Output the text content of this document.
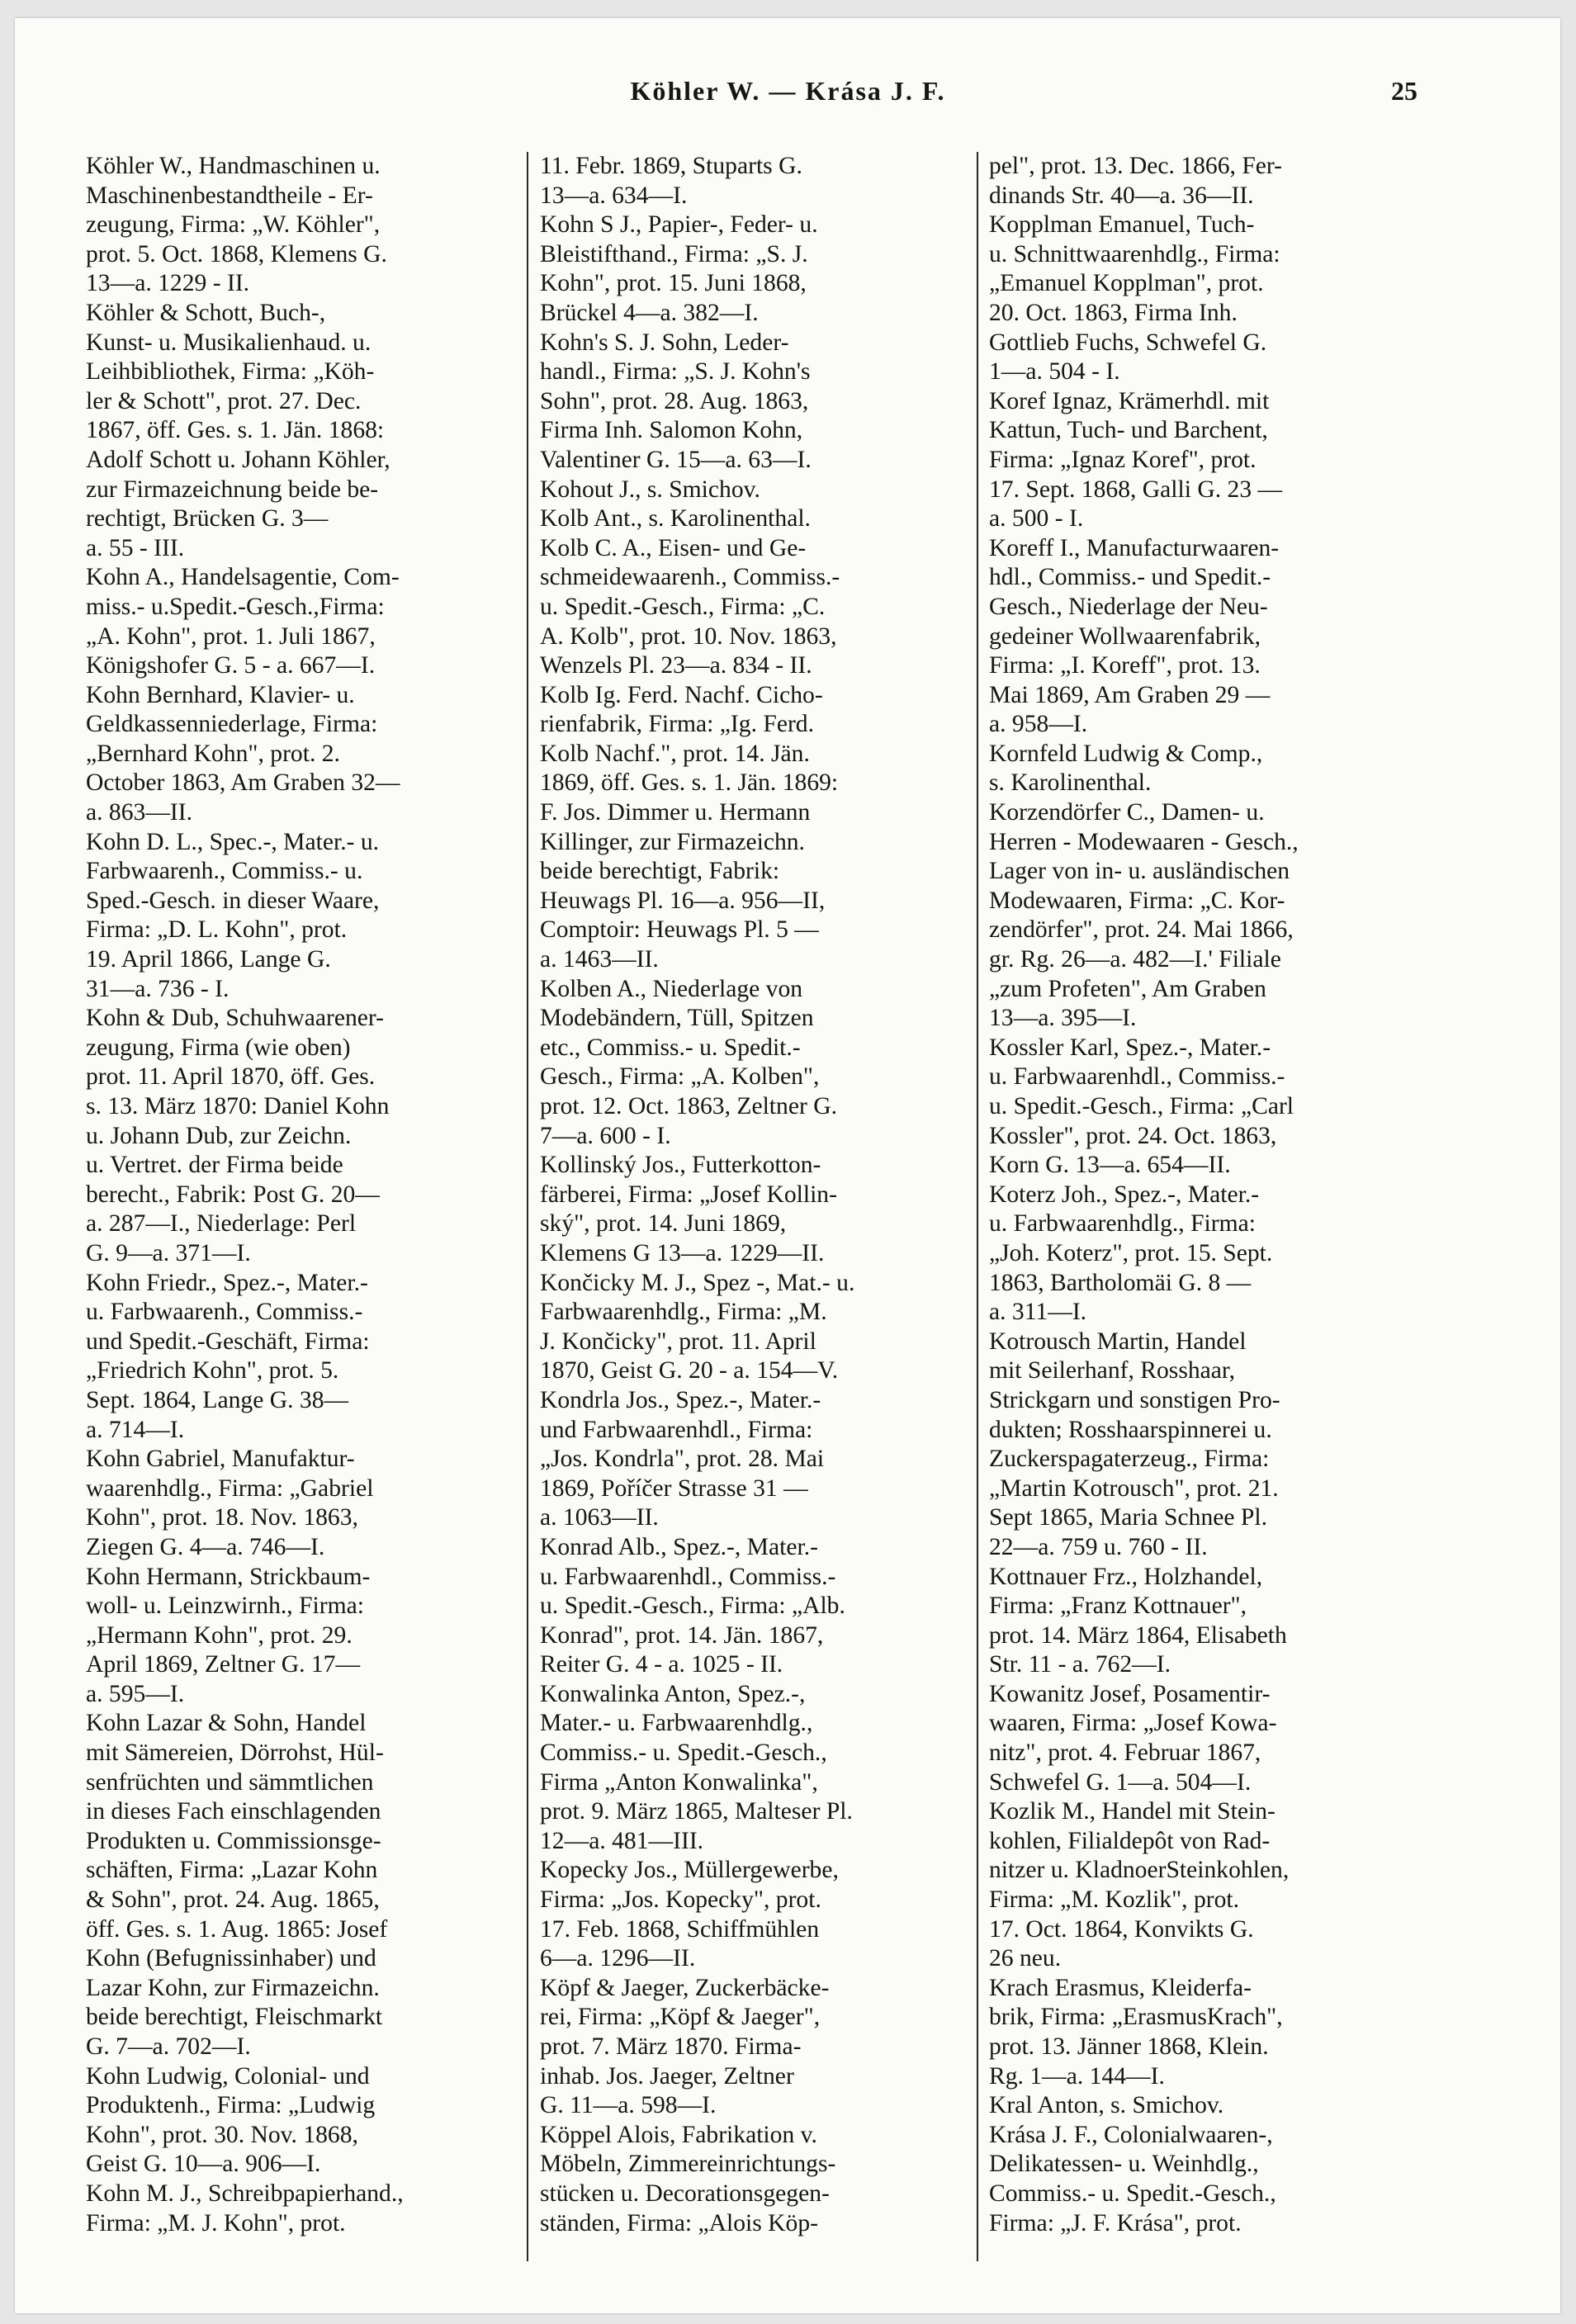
Köhler W. — Krása J. F.	25
Köhler W., Handmaschinen u.
Maschinenbestandtheile - Er-
zeugung, Firma: „W. Köhler",
prot. 5. Oct. 1868, Klemens G.
13—a. 1229 - II.
Köhler & Schott, Buch-,
Kunst- u. Musikalienhaud. u.
Leihbibliothek, Firma: „Köh-
ler & Schott", prot. 27. Dec.
1867, öff. Ges. s. 1. Jän. 1868:
Adolf Schott u. Johann Köhler,
zur Firmazeichnung beide be-
rechtigt, Brücken G. 3—
a. 55 - III.
Kohn A., Handelsagentie, Com-
miss.- u.Spedit.-Gesch.,Firma:
„A. Kohn", prot. 1. Juli 1867,
Königshofer G. 5 - a. 667—I.
Kohn Bernhard, Klavier- u.
Geldkassenniederlage, Firma:
„Bernhard Kohn", prot. 2.
October 1863, Am Graben 32—
a. 863—II.
Kohn D. L., Spec.-, Mater.- u.
Farbwaarenh., Commiss.- u.
Sped.-Gesch. in dieser Waare,
Firma: „D. L. Kohn", prot.
19. April 1866, Lange G.
31—a. 736 - I.
Kohn & Dub, Schuhwaarener-
zeugung, Firma (wie oben)
prot. 11. April 1870, öff. Ges.
s. 13. März 1870: Daniel Kohn
u. Johann Dub, zur Zeichn.
u. Vertret. der Firma beide
berecht., Fabrik: Post G. 20—
a. 287—I., Niederlage: Perl
G. 9—a. 371—I.
Kohn Friedr., Spez.-, Mater.-
u. Farbwaarenh., Commiss.-
und Spedit.-Geschäft, Firma:
„Friedrich Kohn", prot. 5.
Sept. 1864, Lange G. 38—
a. 714—I.
Kohn Gabriel, Manufaktur-
waarenhdlg., Firma: „Gabriel
Kohn", prot. 18. Nov. 1863,
Ziegen G. 4—a. 746—I.
Kohn Hermann, Strickbaum-
woll- u. Leinzwirnh., Firma:
„Hermann Kohn", prot. 29.
April 1869, Zeltner G. 17—
a. 595—I.
Kohn Lazar & Sohn, Handel
mit Sämereien, Dörrohst, Hül-
senfrüchten und sämmtlichen
in dieses Fach einschlagenden
Produkten u. Commissionsge-
schäften, Firma: „Lazar Kohn
& Sohn", prot. 24. Aug. 1865,
öff. Ges. s. 1. Aug. 1865: Josef
Kohn (Befugnissinhaber) und
Lazar Kohn, zur Firmazeichn.
beide berechtigt, Fleischmarkt
G. 7—a. 702—I.
Kohn Ludwig, Colonial- und
Produktenh., Firma: „Ludwig
Kohn", prot. 30. Nov. 1868,
Geist G. 10—a. 906—I.
Kohn M. J., Schreibpapierhand.,
Firma: „M. J. Kohn", prot.
11. Febr. 1869, Stuparts G.
13—a. 634—I.
Kohn S J., Papier-, Feder- u.
Bleistifthand., Firma: „S. J.
Kohn", prot. 15. Juni 1868,
Brückel 4—a. 382—I.
Kohn's S. J. Sohn, Leder-
handl., Firma: „S. J. Kohn's
Sohn", prot. 28. Aug. 1863,
Firma Inh. Salomon Kohn,
Valentiner G. 15—a. 63—I.
Kohout J., s. Smichov.
Kolb Ant., s. Karolinenthal.
Kolb C. A., Eisen- und Ge-
schmeidewaarenh., Commiss.-
u. Spedit.-Gesch., Firma: „C.
A. Kolb", prot. 10. Nov. 1863,
Wenzels Pl. 23—a. 834 - II.
Kolb Ig. Ferd. Nachf. Cicho-
rienfabrik, Firma: „Ig. Ferd.
Kolb Nachf.", prot. 14. Jän.
1869, öff. Ges. s. 1. Jän. 1869:
F. Jos. Dimmer u. Hermann
Killinger, zur Firmazeichn.
beide berechtigt, Fabrik:
Heuwags Pl. 16—a. 956—II,
Comptoir: Heuwags Pl. 5 —
a. 1463—II.
Kolben A., Niederlage von
Modebändern, Tüll, Spitzen
etc., Commiss.- u. Spedit.-
Gesch., Firma: „A. Kolben",
prot. 12. Oct. 1863, Zeltner G.
7—a. 600 - I.
Kollinský Jos., Futterkotton-
färberei, Firma: „Josef Kollin-
ský", prot. 14. Juni 1869,
Klemens G 13—a. 1229—II.
Končicky M. J., Spez -, Mat.- u.
Farbwaarenhdlg., Firma: „M.
J. Končicky", prot. 11. April
1870, Geist G. 20 - a. 154—V.
Kondrla Jos., Spez.-, Mater.-
und Farbwaarenhdl., Firma:
„Jos. Kondrla", prot. 28. Mai
1869, Poříčer Strasse 31 —
a. 1063—II.
Konrad Alb., Spez.-, Mater.-
u. Farbwaarenhdl., Commiss.-
u. Spedit.-Gesch., Firma: „Alb.
Konrad", prot. 14. Jän. 1867,
Reiter G. 4 - a. 1025 - II.
Konwalinka Anton, Spez.-,
Mater.- u. Farbwaarenhdlg.,
Commiss.- u. Spedit.-Gesch.,
Firma „Anton Konwalinka",
prot. 9. März 1865, Malteser Pl.
12—a. 481—III.
Kopecky Jos., Müllergewerbe,
Firma: „Jos. Kopecky", prot.
17. Feb. 1868, Schiffmühlen
6—a. 1296—II.
Köpf & Jaeger, Zuckerbäcke-
rei, Firma: „Köpf & Jaeger",
prot. 7. März 1870. Firma-
inhab. Jos. Jaeger, Zeltner
G. 11—a. 598—I.
Köppel Alois, Fabrikation v.
Möbeln, Zimmereinrichtungs-
stücken u. Decorationsgegen-
ständen, Firma: „Alois Köp-
pel", prot. 13. Dec. 1866, Fer-
dinands Str. 40—a. 36—II.
Kopplman Emanuel, Tuch-
u. Schnittwaarenhdlg., Firma:
„Emanuel Kopplman", prot.
20. Oct. 1863, Firma Inh.
Gottlieb Fuchs, Schwefel G.
1—a. 504 - I.
Koref Ignaz, Krämerhdl. mit
Kattun, Tuch- und Barchent,
Firma: „Ignaz Koref", prot.
17. Sept. 1868, Galli G. 23 —
a. 500 - I.
Koreff I., Manufacturwaaren-
hdl., Commiss.- und Spedit.-
Gesch., Niederlage der Neu-
gedeiner Wollwaarenfabrik,
Firma: „I. Koreff", prot. 13.
Mai 1869, Am Graben 29 —
a. 958—I.
Kornfeld Ludwig & Comp.,
s. Karolinenthal.
Korzendörfer C., Damen- u.
Herren - Modewaaren - Gesch.,
Lager von in- u. ausländischen
Modewaaren, Firma: „C. Kor-
zendörfer", prot. 24. Mai 1866,
gr. Rg. 26—a. 482—I.' Filiale
„zum Profeten", Am Graben
13—a. 395—I.
Kossler Karl, Spez.-, Mater.-
u. Farbwaarenhdl., Commiss.-
u. Spedit.-Gesch., Firma: „Carl
Kossler", prot. 24. Oct. 1863,
Korn G. 13—a. 654—II.
Koterz Joh., Spez.-, Mater.-
u. Farbwaarenhdlg., Firma:
„Joh. Koterz", prot. 15. Sept.
1863, Bartholomäi G. 8 —
a. 311—I.
Kotrousch Martin, Handel
mit Seilerhanf, Rosshaar,
Strickgarn und sonstigen Pro-
dukten; Rosshaarspinnerei u.
Zuckerspagaterzeug., Firma:
„Martin Kotrousch", prot. 21.
Sept 1865, Maria Schnee Pl.
22—a. 759 u. 760 - II.
Kottnauer Frz., Holzhandel,
Firma: „Franz Kottnauer",
prot. 14. März 1864, Elisabeth
Str. 11 - a. 762—I.
Kowanitz Josef, Posamentir-
waaren, Firma: „Josef Kowa-
nitz", prot. 4. Februar 1867,
Schwefel G. 1—a. 504—I.
Kozlik M., Handel mit Stein-
kohlen, Filialdepôt von Rad-
nitzer u. KladnoerSteinkohlen,
Firma: „M. Kozlik", prot.
17. Oct. 1864, Konvikts G.
26 neu.
Krach Erasmus, Kleiderfa-
brik, Firma: „ErasmusKrach",
prot. 13. Jänner 1868, Klein.
Rg. 1—a. 144—I.
Kral Anton, s. Smichov.
Krása J. F., Colonialwaaren-,
Delikatessen- u. Weinhdlg.,
Commiss.- u. Spedit.-Gesch.,
Firma: „J. F. Krása", prot.
